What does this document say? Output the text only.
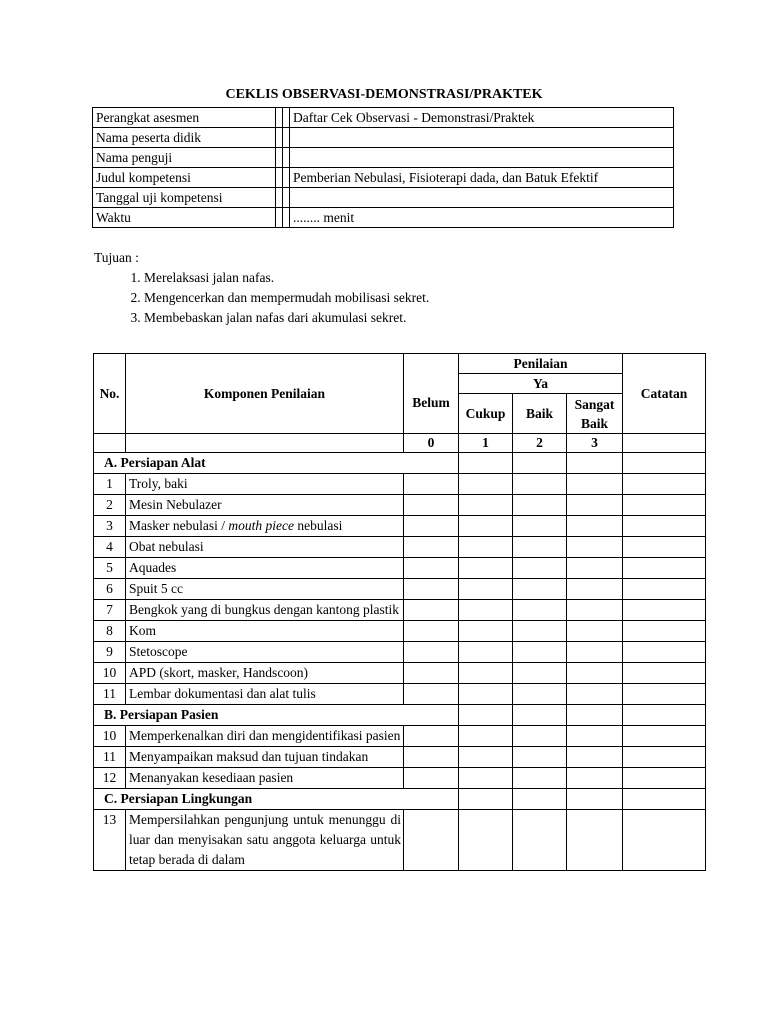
CEKLIS OBSERVASI-DEMONSTRASI/PRAKTEK
Perangkat asesmen			Daftar Cek Observasi - Demonstrasi/Praktek
Nama peserta didik			
Nama penguji			
Judul kompetensi			Pemberian Nebulasi, Fisioterapi dada, dan Batuk Efektif
Tanggal uji kompetensi			
Waktu			........ menit
Tujuan :
1. Merelaksasi jalan nafas.
2. Mengencerkan dan mempermudah mobilisasi sekret.
3. Membebaskan jalan nafas dari akumulasi sekret.
No.	Komponen Penilaian	Belum	Penilaian			Catatan
			Ya			
			Cukup	Baik	Sangat
Baik	
		0	1	2	3	
A. Persiapan Alat						
1	Troly, baki					
2	Mesin Nebulazer					
3	Masker nebulasi / mouth piece nebulasi					
4	Obat nebulasi					
5	Aquades					
6	Spuit 5 cc					
7	Bengkok yang di bungkus dengan kantong plastik					
8	Kom					
9	Stetoscope					
10	APD (skort, masker, Handscoon)					
11	Lembar dokumentasi dan alat tulis					
B. Persiapan Pasien						
10	Memperkenalkan diri dan mengidentifikasi pasien					
11	Menyampaikan maksud dan tujuan tindakan					
12	Menanyakan kesediaan pasien					
C. Persiapan Lingkungan						
13	Mempersilahkan pengunjung untuk menunggu di luar dan menyisakan satu anggota keluarga untuk tetap berada di dalam					
